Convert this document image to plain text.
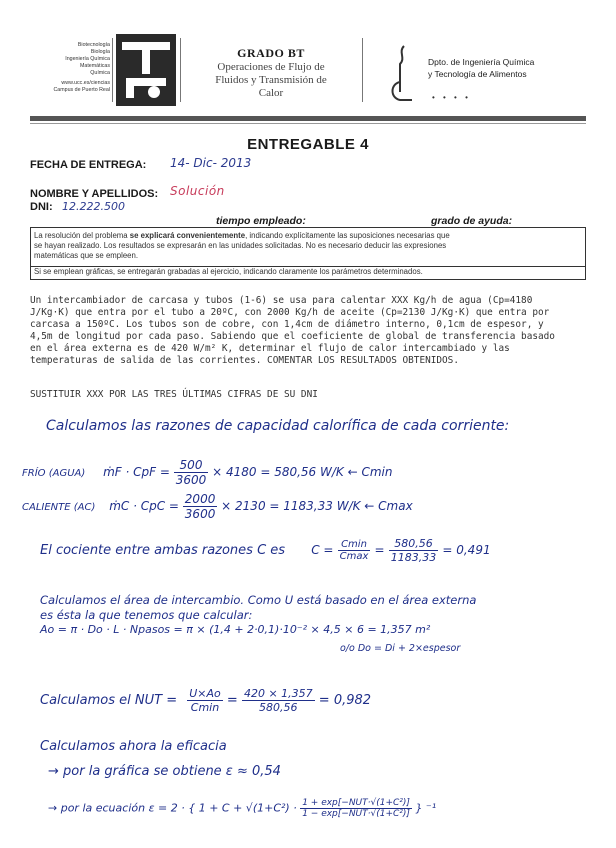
Biotecnología
Biología
Ingeniería Química
Matemáticas
Química
www.ucc.es/ciencias
Campus de Puerto Real
GRADO BT
Operaciones de Flujo de
Fluidos y Transmisión de
Calor
Dpto. de Ingeniería Química
y Tecnología de Alimentos
• • • •
ENTREGABLE 4
FECHA DE ENTREGA: 14- Dic- 2013
NOMBRE Y APELLIDOS: Solución
DNI: 12.222.500
tiempo empleado:	grado de ayuda:
La resolución del problema se explicará convenientemente, indicando explícitamente las suposiciones necesarias que
se hayan realizado. Los resultados se expresarán en las unidades solicitadas. No es necesario deducir las expresiones
matemáticas que se empleen.
Si se emplean gráficas, se entregarán grabadas al ejercicio, indicando claramente los parámetros determinados.
Un intercambiador de carcasa y tubos (1-6) se usa para calentar XXX Kg/h de agua (Cp=4180
J/Kg·K) que entra por el tubo a 20ºC, con 2000 Kg/h de aceite (Cp=2130 J/Kg·K) que entra por
carcasa a 150ºC. Los tubos son de cobre, con 1,4cm de diámetro interno, 0,1cm de espesor, y
4,5m de longitud por cada paso. Sabiendo que el coeficiente de global de transferencia basado
en el área externa es de 420 W/m² K, determinar el flujo de calor intercambiado y las
temperaturas de salida de las corrientes. COMENTAR LOS RESULTADOS OBTENIDOS.
SUSTITUIR XXX POR LAS TRES ÚLTIMAS CIFRAS DE SU DNI
Calculamos las razones de capacidad calorífica de cada corriente:
FRÍO (AGUA) ṁF · CpF = $\frac{500}{3600} \times 4180 = 580,56$ W/K ← Cmin
CALIENTE (AC) ṁC · CpC = $\frac{2000}{3600} \times 2130 = 1183,33$ W/K ← Cmax
El cociente entre ambas razones C es $C = \frac{Cmin}{Cmax} = \frac{580,56}{1183,33} = 0,491$
Calculamos el área de intercambio. Como U está basado en el área externa
es ésta la que tenemos que calcular:
Ao = π · Do · L · Npasos = π × (1,4 + 2·0,1)·10⁻² × 4,5 × 6 = 1,357 m²
o/o Do = Di + 2×espesor
Calculamos el NUT = $\frac{U\times Ao}{Cmin} = \frac{420 \times 1,357}{580,56} = 0,982$
Calculamos ahora la eficacia
→ por la gráfica se obtiene ε ≈ 0,54
→ por la ecuación ε = 2 · { $1 + C + √(1+C^2) \cdot \frac{\text{1 + exp[−NUT·√(1+C²)]}}{\text{1 − exp[−NUT·√(1+C²)]}}$ } ⁻¹
